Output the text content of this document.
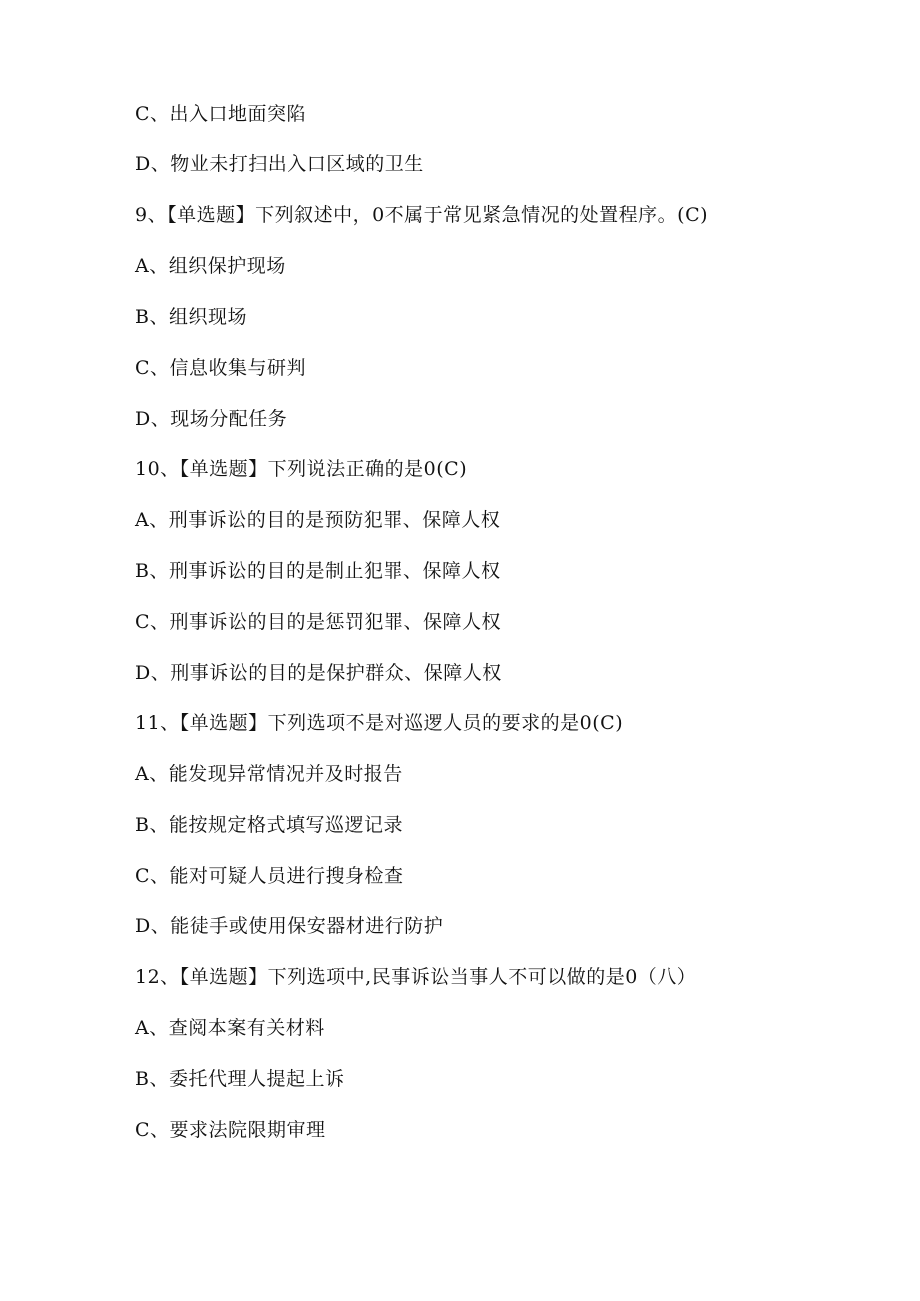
C、出入口地面突陷
D、物业未打扫出入口区域的卫生
9、【单选题】下列叙述中，0不属于常见紧急情况的处置程序。(C)
A、组织保护现场
B、组织现场
C、信息收集与研判
D、现场分配任务
10、【单选题】下列说法正确的是0(C)
A、刑事诉讼的目的是预防犯罪、保障人权
B、刑事诉讼的目的是制止犯罪、保障人权
C、刑事诉讼的目的是惩罚犯罪、保障人权
D、刑事诉讼的目的是保护群众、保障人权
11、【单选题】下列选项不是对巡逻人员的要求的是0(C)
A、能发现异常情况并及时报告
B、能按规定格式填写巡逻记录
C、能对可疑人员进行搜身检查
D、能徒手或使用保安器材进行防护
12、【单选题】下列选项中,民事诉讼当事人不可以做的是0（八）
A、查阅本案有关材料
B、委托代理人提起上诉
C、要求法院限期审理
